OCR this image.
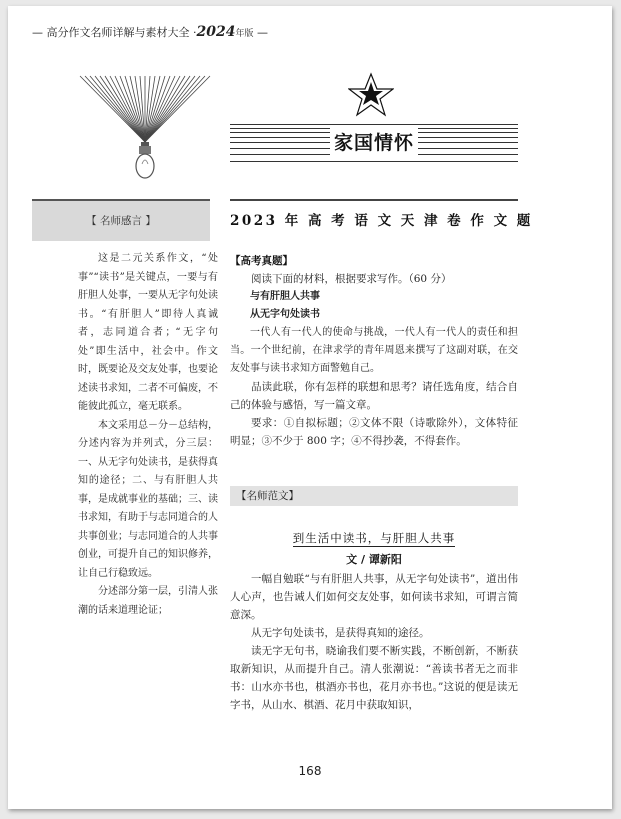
— 高分作文名师详解与素材大全 ·2024年版 —
家国情怀
【 名师感言 】

这是二元关系作文，“处事”“读书”是关键点，一要与有肝胆人处事，一要从无字句处读书。“有肝胆人”即待人真诚者，志同道合者；“无字句处”即生活中，社会中。作文时，既要论及交友处事，也要论述读书求知，二者不可偏废，不能彼此孤立，毫无联系。

本文采用总－分－总结构，分述内容为并列式，分三层：一、从无字句处读书，是获得真知的途径；二、与有肝胆人共事，是成就事业的基础；三、读书求知，有助于与志同道合的人共事创业；与志同道合的人共事创业，可提升自己的知识修养，让自己行稳致远。

分述部分第一层，引清人张潮的话来道理论证；

2023 年 高 考 语 文 天 津 卷 作 文 题
【高考真题】

阅读下面的材料，根据要求写作。（60 分）

与有肝胆人共事

从无字句处读书

一代人有一代人的使命与挑战，一代人有一代人的责任和担当。一个世纪前，在津求学的青年周恩来撰写了这副对联，在交友处事与读书求知方面警勉自己。

品读此联，你有怎样的联想和思考？请任选角度，结合自己的体验与感悟，写一篇文章。

要求：①自拟标题；②文体不限（诗歌除外），文体特征明显；③不少于 800 字；④不得抄袭，不得套作。

【名师范文】
到生活中读书，与肝胆人共事
文 / 谭新阳

一幅自勉联“与有肝胆人共事，从无字句处读书”，道出伟人心声，也告诫人们如何交友处事，如何读书求知，可谓言简意深。

从无字句处读书，是获得真知的途径。

读无字无句书，晓谕我们要不断实践，不断创新，不断获取新知识，从而提升自己。清人张潮说：“善读书者无之而非书：山水亦书也，棋酒亦书也，花月亦书也。”这说的便是读无字书，从山水、棋酒、花月中获取知识，

168
